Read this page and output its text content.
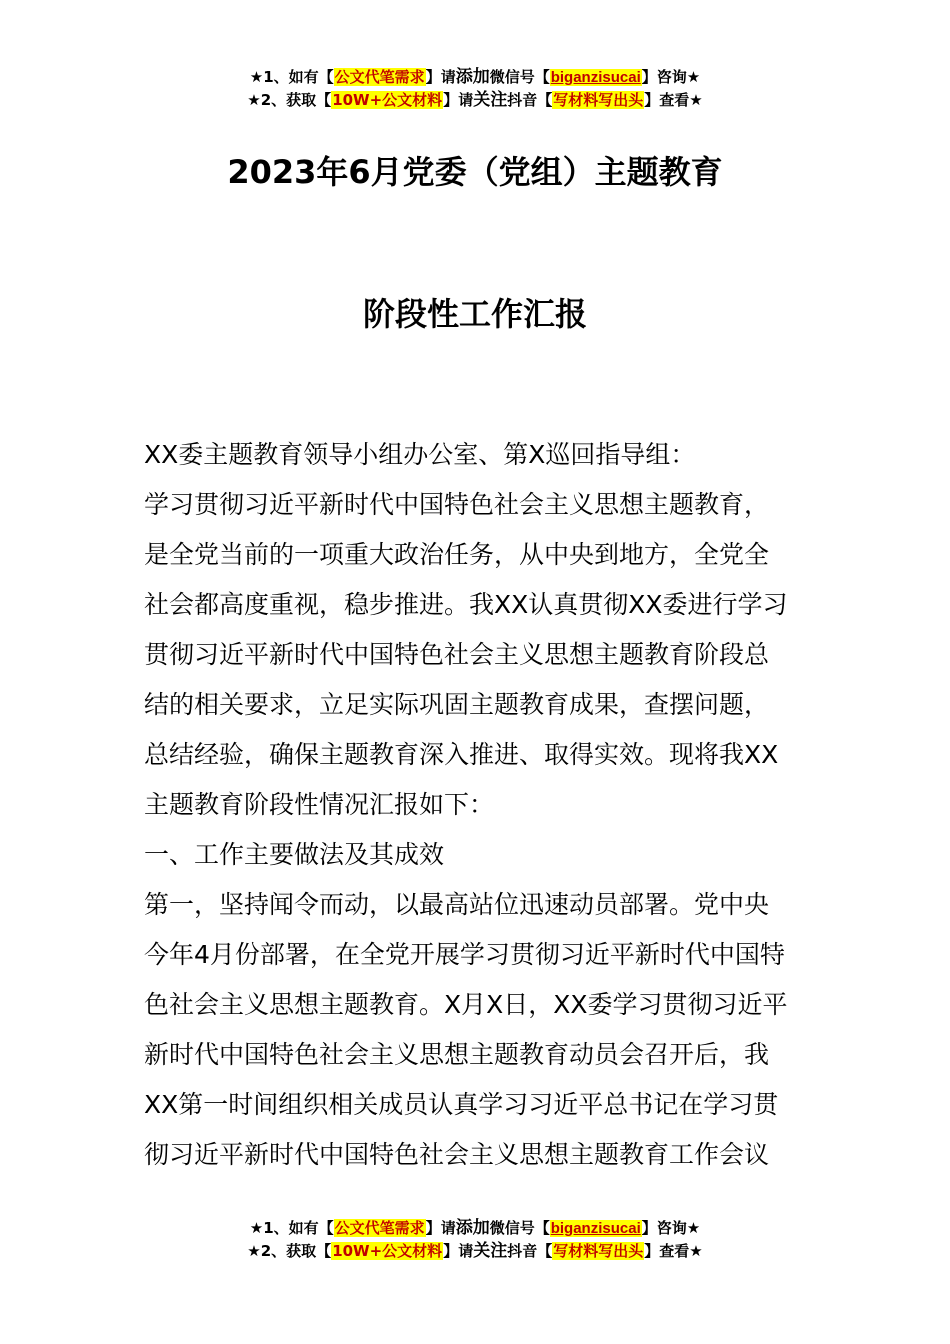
★1、如有【公文代笔需求】请添加微信号【biganzisucai】咨询★
★2、获取【10W+公文材料】请关注抖音【写材料写出头】查看★
2023年6月党委（党组）主题教育
阶段性工作汇报

XX委主题教育领导小组办公室、第X巡回指导组：

学习贯彻习近平新时代中国特色社会主义思想主题教育，
是全党当前的一项重大政治任务，从中央到地方，全党全
社会都高度重视，稳步推进。我XX认真贯彻XX委进行学习
贯彻习近平新时代中国特色社会主义思想主题教育阶段总
结的相关要求，立足实际巩固主题教育成果，查摆问题，
总结经验，确保主题教育深入推进、取得实效。现将我XX
主题教育阶段性情况汇报如下：

一、工作主要做法及其成效

第一，坚持闻令而动，以最高站位迅速动员部署。党中央
今年4月份部署，在全党开展学习贯彻习近平新时代中国特
色社会主义思想主题教育。X月X日，XX委学习贯彻习近平
新时代中国特色社会主义思想主题教育动员会召开后，我
XX第一时间组织相关成员认真学习习近平总书记在学习贯
彻习近平新时代中国特色社会主义思想主题教育工作会议

★1、如有【公文代笔需求】请添加微信号【biganzisucai】咨询★
★2、获取【10W+公文材料】请关注抖音【写材料写出头】查看★
